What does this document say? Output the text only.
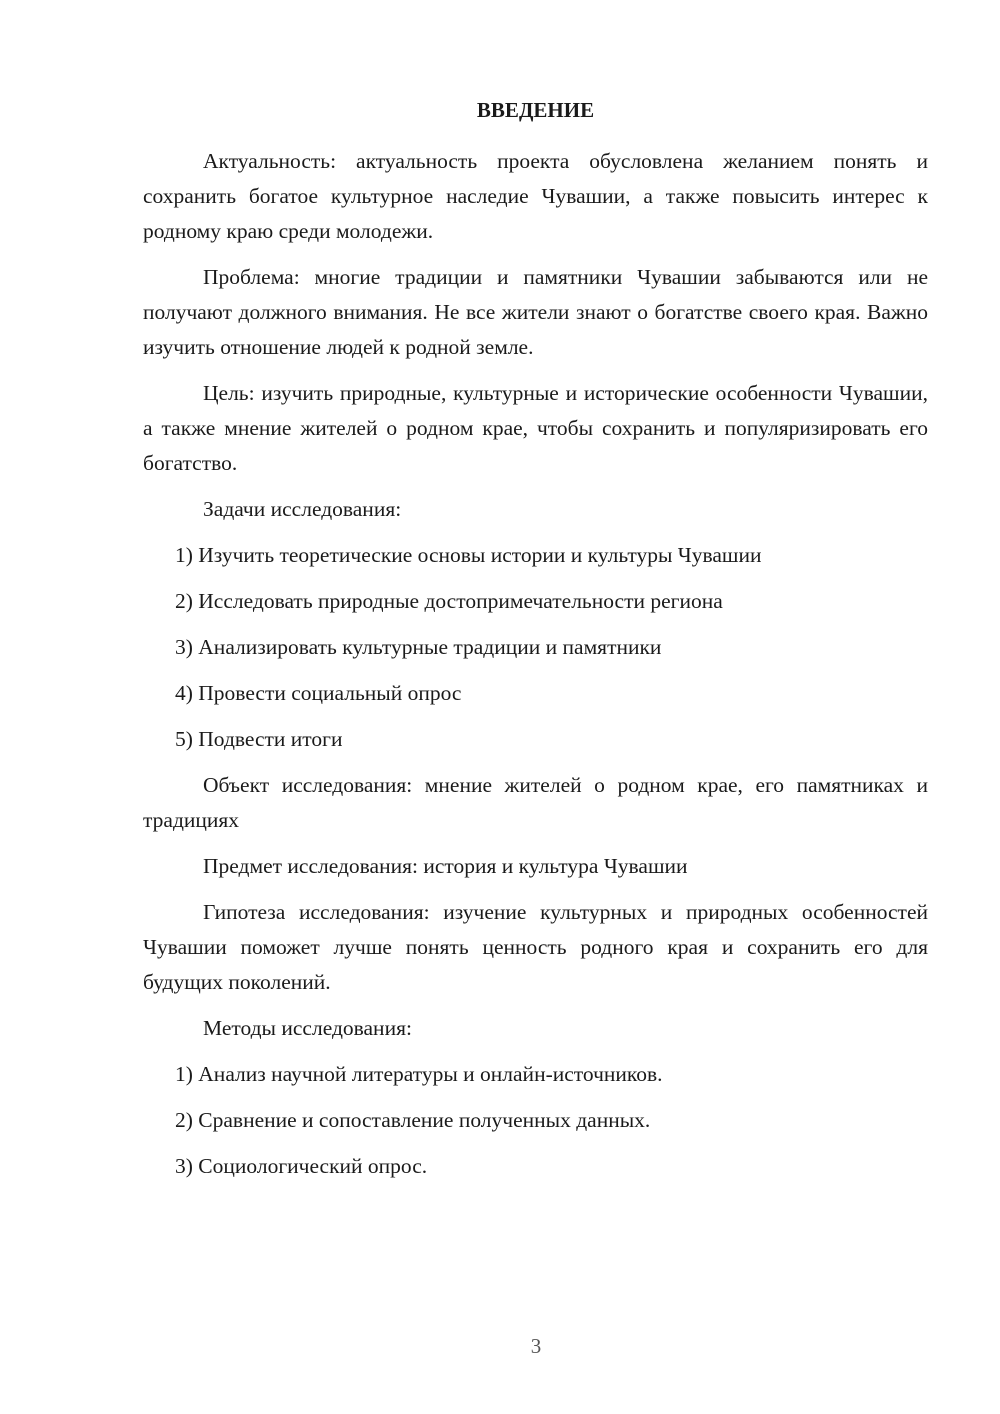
ВВЕДЕНИЕ

Актуальность: актуальность проекта обусловлена желанием понять и сохранить богатое культурное наследие Чувашии, а также повысить интерес к родному краю среди молодежи.

Проблема: многие традиции и памятники Чувашии забываются или не получают должного внимания. Не все жители знают о богатстве своего края. Важно изучить отношение людей к родной земле.

Цель: изучить природные, культурные и исторические особенности Чувашии, а также мнение жителей о родном крае, чтобы сохранить и популяризировать его богатство.

Задачи исследования:

1) Изучить теоретические основы истории и культуры Чувашии
2) Исследовать природные достопримечательности региона
3) Анализировать культурные традиции и памятники
4) Провести социальный опрос
5) Подвести итоги

Объект исследования: мнение жителей о родном крае, его памятниках и традициях

Предмет исследования: история и культура Чувашии

Гипотеза исследования: изучение культурных и природных особенностей Чувашии поможет лучше понять ценность родного края и сохранить его для будущих поколений.

Методы исследования:

1) Анализ научной литературы и онлайн-источников.
2) Сравнение и сопоставление полученных данных.
3) Социологический опрос.
3
